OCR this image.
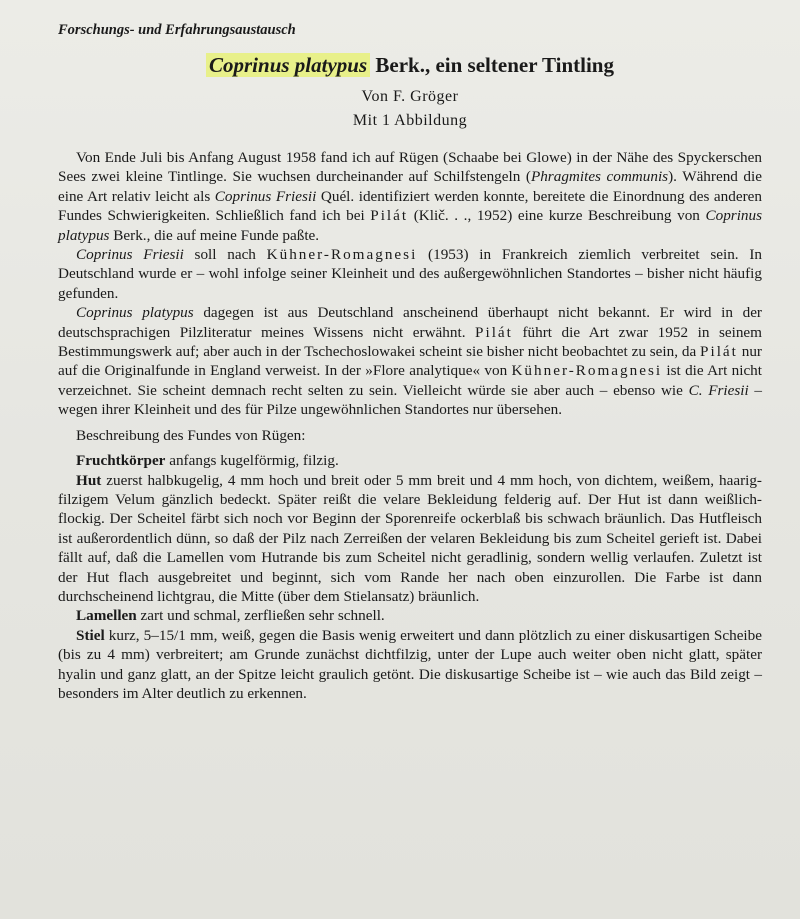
Forschungs- und Erfahrungsaustausch
Coprinus platypus Berk., ein seltener Tintling
Von F. Gröger
Mit 1 Abbildung

Von Ende Juli bis Anfang August 1958 fand ich auf Rügen (Schaabe bei Glowe) in der Nähe des Spyckerschen Sees zwei kleine Tintlinge. Sie wuchsen durcheinander auf Schilfstengeln (Phragmites communis). Während die eine Art relativ leicht als Coprinus Friesii Quél. identifiziert werden konnte, bereitete die Einordnung des anderen Fundes Schwierigkeiten. Schließlich fand ich bei Pilát (Klič. . ., 1952) eine kurze Beschreibung von Coprinus platypus Berk., die auf meine Funde paßte.

Coprinus Friesii soll nach Kühner-Romagnesi (1953) in Frankreich ziemlich verbreitet sein. In Deutschland wurde er – wohl infolge seiner Kleinheit und des außergewöhnlichen Standortes – bisher nicht häufig gefunden.

Coprinus platypus dagegen ist aus Deutschland anscheinend überhaupt nicht bekannt. Er wird in der deutschsprachigen Pilzliteratur meines Wissens nicht erwähnt. Pilát führt die Art zwar 1952 in seinem Bestimmungswerk auf; aber auch in der Tschechoslowakei scheint sie bisher nicht beobachtet zu sein, da Pilát nur auf die Originalfunde in England verweist. In der »Flore analytique« von Kühner-Romagnesi ist die Art nicht verzeichnet. Sie scheint demnach recht selten zu sein. Vielleicht würde sie aber auch – ebenso wie C. Friesii – wegen ihrer Kleinheit und des für Pilze ungewöhnlichen Standortes nur übersehen.

Beschreibung des Fundes von Rügen:

Fruchtkörper anfangs kugelförmig, filzig.

Hut zuerst halbkugelig, 4 mm hoch und breit oder 5 mm breit und 4 mm hoch, von dichtem, weißem, haarig-filzigem Velum gänzlich bedeckt. Später reißt die velare Bekleidung felderig auf. Der Hut ist dann weißlich-flockig. Der Scheitel färbt sich noch vor Beginn der Sporenreife ockerblaß bis schwach bräunlich. Das Hutfleisch ist außerordentlich dünn, so daß der Pilz nach Zerreißen der velaren Bekleidung bis zum Scheitel gerieft ist. Dabei fällt auf, daß die Lamellen vom Hutrande bis zum Scheitel nicht geradlinig, sondern wellig verlaufen. Zuletzt ist der Hut flach ausgebreitet und beginnt, sich vom Rande her nach oben einzurollen. Die Farbe ist dann durchscheinend lichtgrau, die Mitte (über dem Stielansatz) bräunlich.

Lamellen zart und schmal, zerfließen sehr schnell.

Stiel kurz, 5–15/1 mm, weiß, gegen die Basis wenig erweitert und dann plötzlich zu einer diskusartigen Scheibe (bis zu 4 mm) verbreitert; am Grunde zunächst dichtfilzig, unter der Lupe auch weiter oben nicht glatt, später hyalin und ganz glatt, an der Spitze leicht graulich getönt. Die diskusartige Scheibe ist – wie auch das Bild zeigt – besonders im Alter deutlich zu erkennen.
